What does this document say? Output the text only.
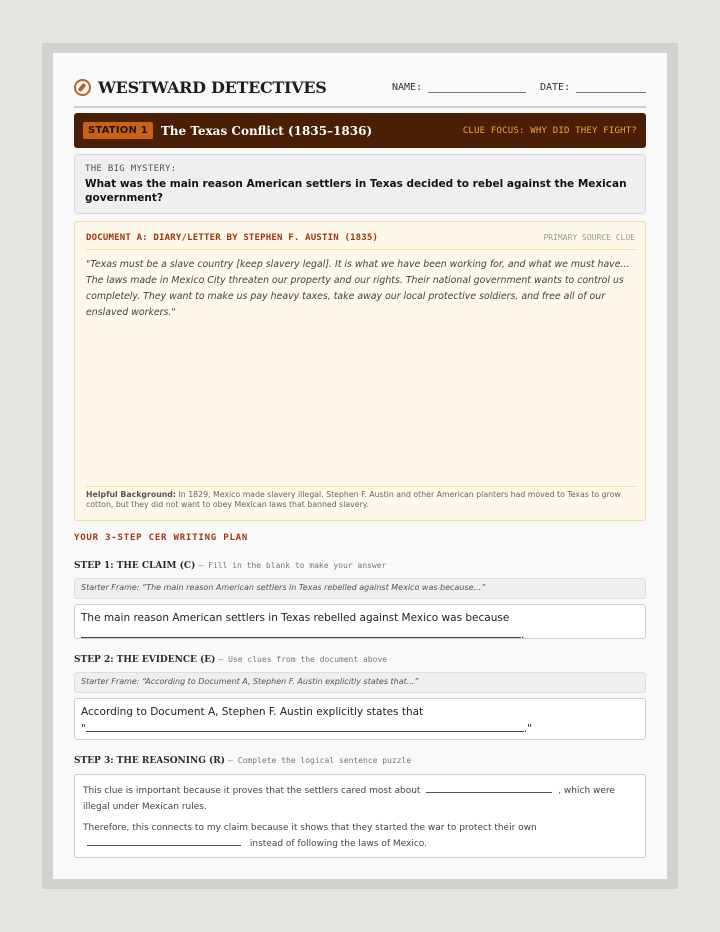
WESTWARD DETECTIVES	NAME:	DATE:
STATION 1	The Texas Conflict (1835–1836)	CLUE FOCUS: WHY DID THEY FIGHT?
THE BIG MYSTERY:
What was the main reason American settlers in Texas decided to rebel against the Mexican government?
DOCUMENT A: DIARY/LETTER BY STEPHEN F. AUSTIN (1835)	PRIMARY SOURCE CLUE
"Texas must be a slave country [keep slavery legal]. It is what we have been working for, and what we must have... The laws made in Mexico City threaten our property and our rights. Their national government wants to control us completely. They want to make us pay heavy taxes, take away our local protective soldiers, and free all of our enslaved workers."
Helpful Background: In 1829, Mexico made slavery illegal. Stephen F. Austin and other American planters had moved to Texas to grow cotton, but they did not want to obey Mexican laws that banned slavery.
YOUR 3-STEP CER WRITING PLAN
STEP 1: THE CLAIM (C) – Fill in the blank to make your answer
Starter Frame: “The main reason American settlers in Texas rebelled against Mexico was because...”
The main reason American settlers in Texas rebelled against Mexico was because
.
STEP 2: THE EVIDENCE (E) – Use clues from the document above
Starter Frame: “According to Document A, Stephen F. Austin explicitly states that...”
According to Document A, Stephen F. Austin explicitly states that
"	."
STEP 3: THE REASONING (R) – Complete the logical sentence puzzle

This clue is important because it proves that the settlers cared most about	, which were illegal under Mexican rules.

Therefore, this connects to my claim because it shows that they started the war to protect their own
instead of following the laws of Mexico.
